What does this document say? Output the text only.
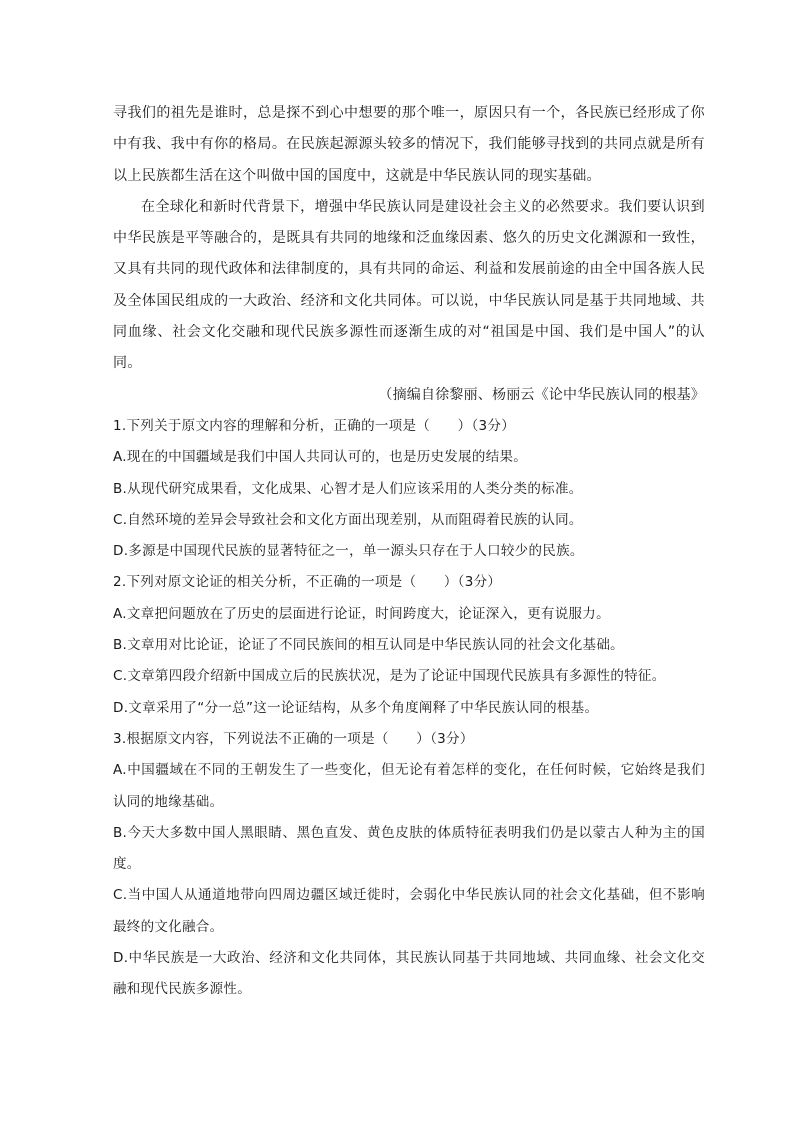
寻我们的祖先是谁时，总是探不到心中想要的那个唯一，原因只有一个，各民族已经形成了你中有我、我中有你的格局。在民族起源源头较多的情况下，我们能够寻找到的共同点就是所有以上民族都生活在这个叫做中国的国度中，这就是中华民族认同的现实基础。

在全球化和新时代背景下，增强中华民族认同是建设社会主义的必然要求。我们要认识到中华民族是平等融合的，是既具有共同的地缘和泛血缘因素、悠久的历史文化渊源和一致性，又具有共同的现代政体和法律制度的，具有共同的命运、利益和发展前途的由全中国各族人民及全体国民组成的一大政治、经济和文化共同体。可以说，中华民族认同是基于共同地域、共同血缘、社会文化交融和现代民族多源性而逐渐生成的对“祖国是中国、我们是中国人”的认同。

（摘编自徐黎丽、杨丽云《论中华民族认同的根基》

1.下列关于原文内容的理解和分析，正确的一项是（　　）（3分）

A.现在的中国疆域是我们中国人共同认可的，也是历史发展的结果。

B.从现代研究成果看，文化成果、心智才是人们应该采用的人类分类的标准。

C.自然环境的差异会导致社会和文化方面出现差别，从而阻碍着民族的认同。

D.多源是中国现代民族的显著特征之一，单一源头只存在于人口较少的民族。

2.下列对原文论证的相关分析，不正确的一项是（　　）（3分）

A.文章把问题放在了历史的层面进行论证，时间跨度大，论证深入，更有说服力。

B.文章用对比论证，论证了不同民族间的相互认同是中华民族认同的社会文化基础。

C.文章第四段介绍新中国成立后的民族状况，是为了论证中国现代民族具有多源性的特征。

D.文章采用了“分一总”这一论证结构，从多个角度阐释了中华民族认同的根基。

3.根据原文内容，下列说法不正确的一项是（　　）（3分）

A.中国疆域在不同的王朝发生了一些变化，但无论有着怎样的变化，在任何时候，它始终是我们认同的地缘基础。

B.今天大多数中国人黑眼睛、黑色直发、黄色皮肤的体质特征表明我们仍是以蒙古人种为主的国度。

C.当中国人从通道地带向四周边疆区域迁徙时，会弱化中华民族认同的社会文化基础，但不影响最终的文化融合。

D.中华民族是一大政治、经济和文化共同体，其民族认同基于共同地域、共同血缘、社会文化交融和现代民族多源性。
